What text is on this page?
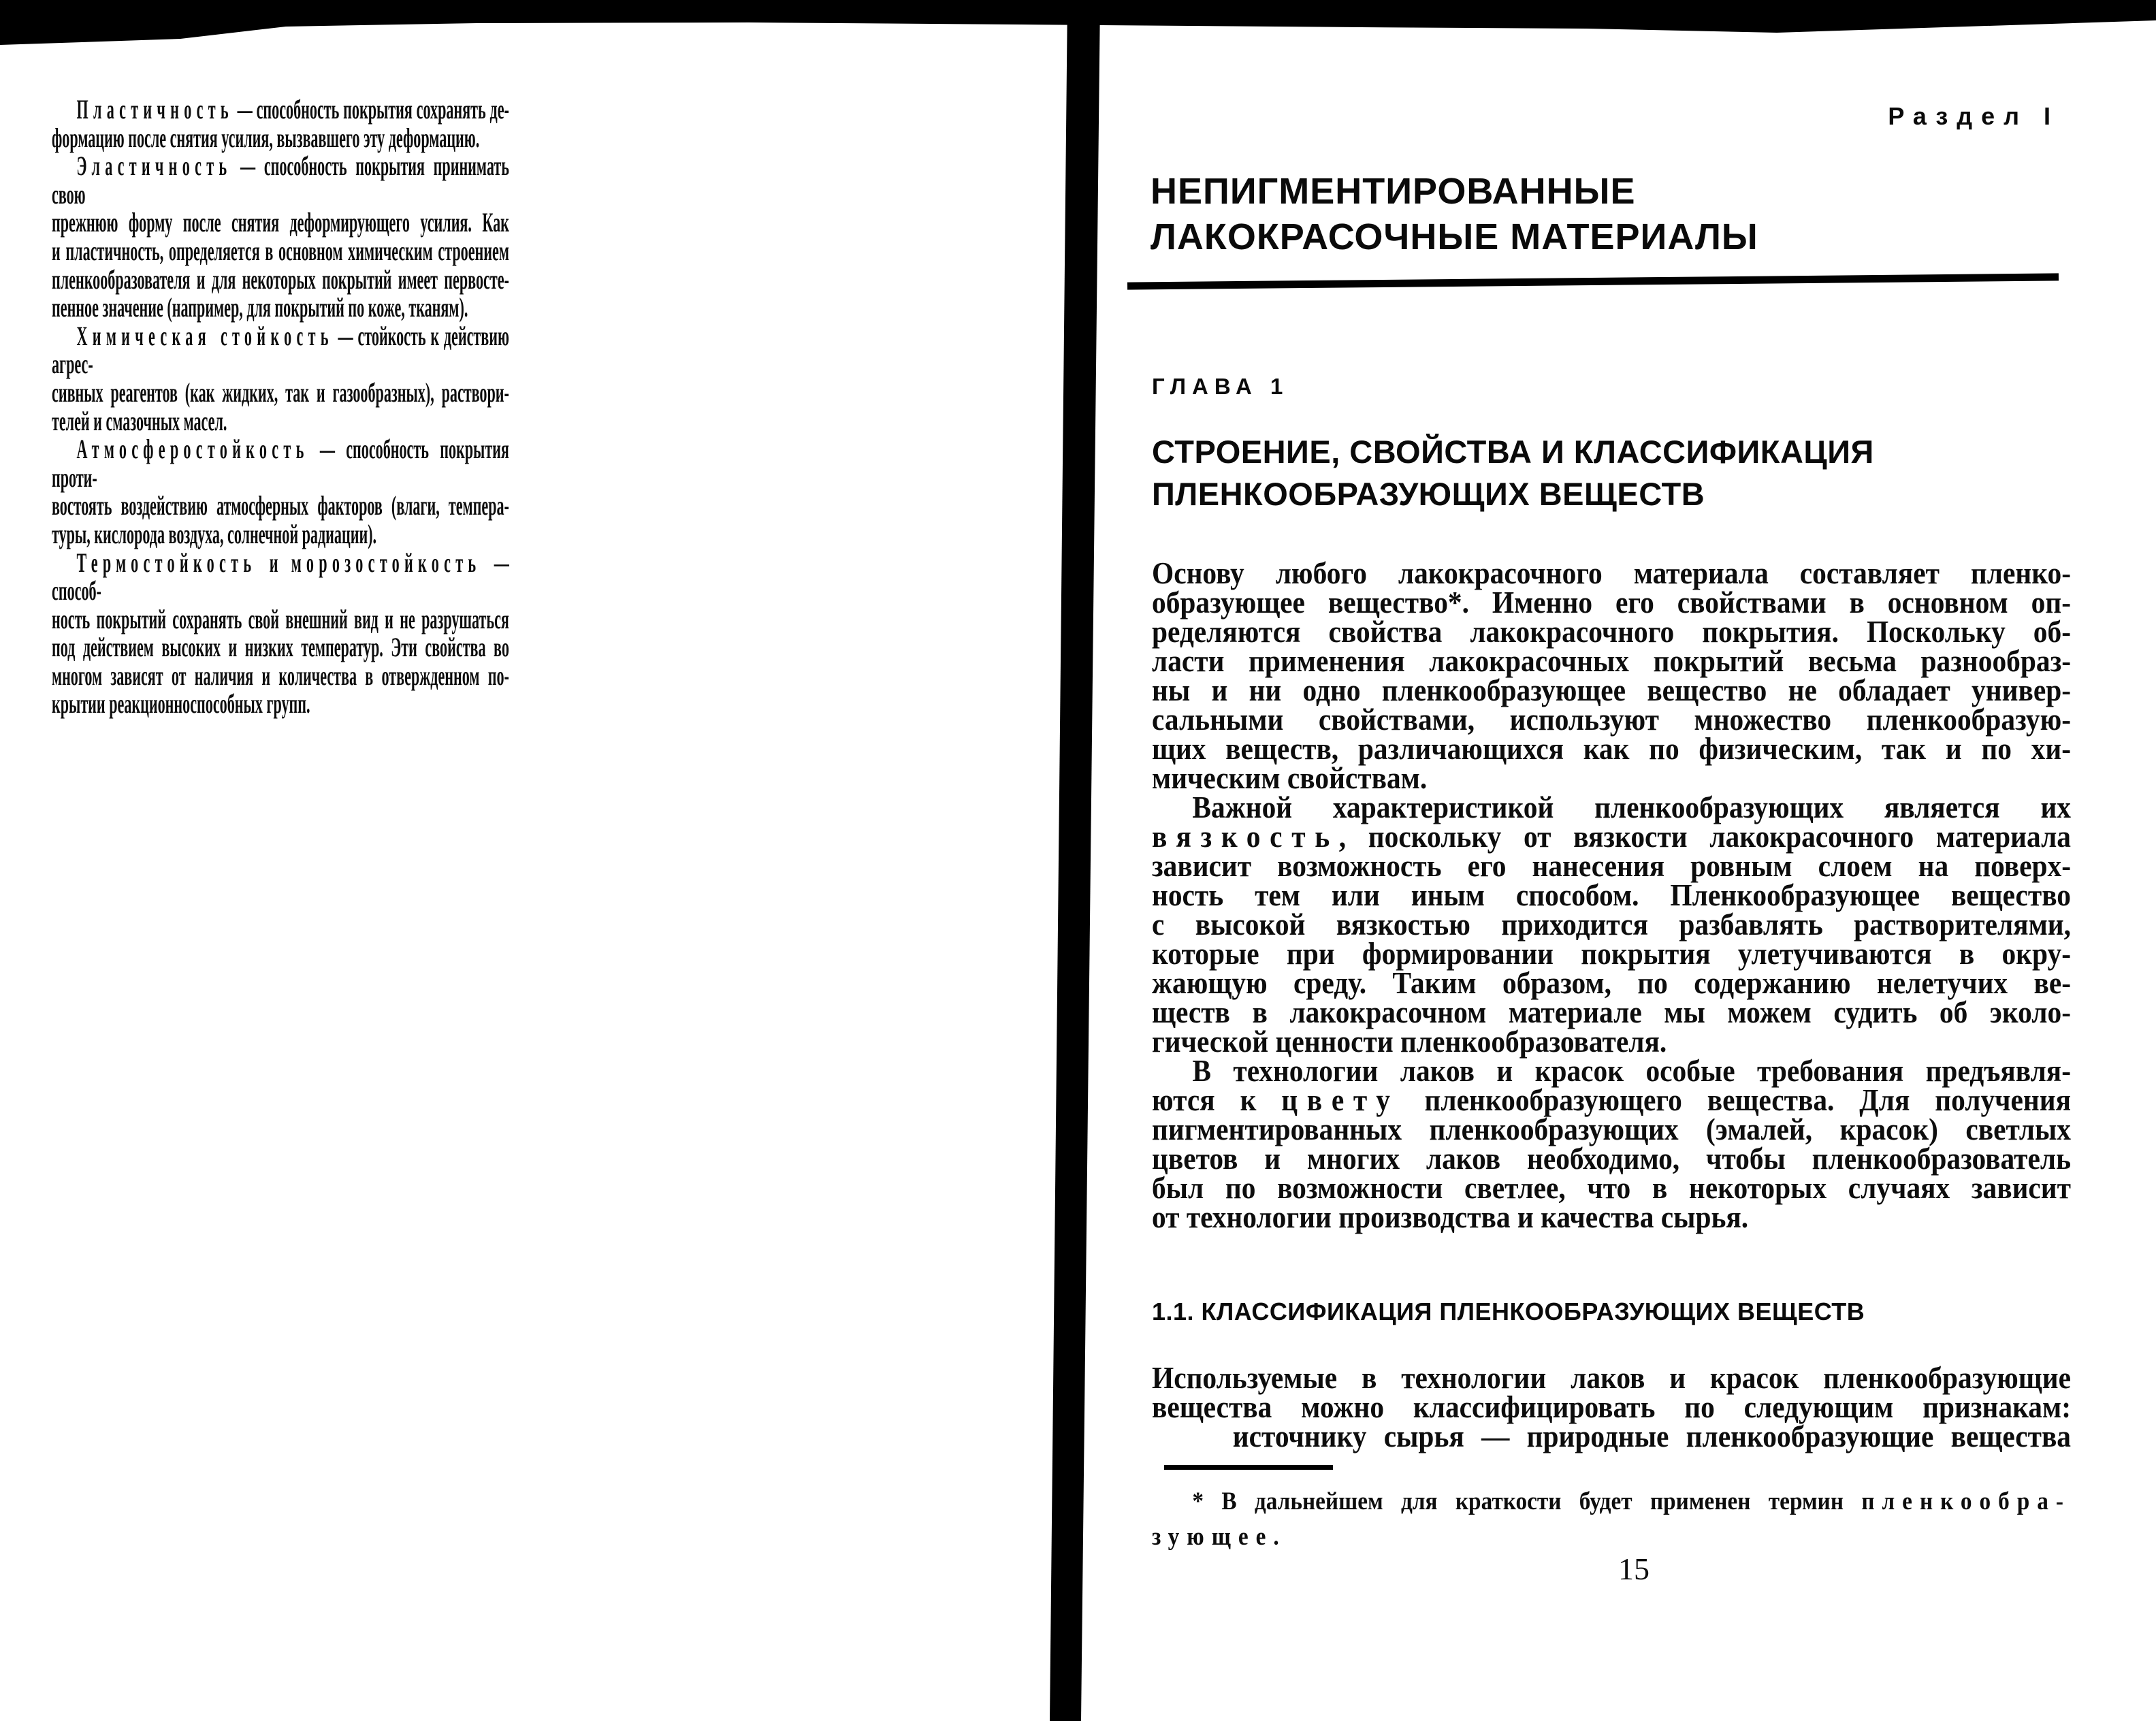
Пластичность — способность покрытия сохранять де-
формацию после снятия усилия, вызвавшего эту деформацию.
Эластичность — способность покрытия принимать свою
прежнюю форму после снятия деформирующего усилия. Как
и пластичность, определяется в основном химическим строением
пленкообразователя и для некоторых покрытий имеет первосте-
пенное значение (например, для покрытий по коже, тканям).
Химическая стойкость — стойкость к действию агрес-
сивных реагентов (как жидких, так и газообразных), раствори-
телей и смазочных масел.
Атмосферостойкость — способность покрытия проти-
востоять воздействию атмосферных факторов (влаги, темпера-
туры, кислорода воздуха, солнечной радиации).
Термостойкость и морозостойкость — способ-
ность покрытий сохранять свой внешний вид и не разрушаться
под действием высоких и низких температур. Эти свойства во
многом зависят от наличия и количества в отвержденном по-
крытии реакционноспособных групп.
Раздел I
НЕПИГМЕНТИРОВАННЫЕ
ЛАКОКРАСОЧНЫЕ МАТЕРИАЛЫ
ГЛАВА 1
СТРОЕНИЕ, СВОЙСТВА И КЛАССИФИКАЦИЯ
ПЛЕНКООБРАЗУЮЩИХ ВЕЩЕСТВ
Основу любого лакокрасочного материала составляет пленко-
образующее вещество*. Именно его свойствами в основном оп-
ределяются свойства лакокрасочного покрытия. Поскольку об-
ласти применения лакокрасочных покрытий весьма разнообраз-
ны и ни одно пленкообразующее вещество не обладает универ-
сальными свойствами, используют множество пленкообразую-
щих веществ, различающихся как по физическим, так и по хи-
мическим свойствам.
Важной характеристикой пленкообразующих является их
вязкость, поскольку от вязкости лакокрасочного материала
зависит возможность его нанесения ровным слоем на поверх-
ность тем или иным способом. Пленкообразующее вещество
с высокой вязкостью приходится разбавлять растворителями,
которые при формировании покрытия улетучиваются в окру-
жающую среду. Таким образом, по содержанию нелетучих ве-
ществ в лакокрасочном материале мы можем судить об эколо-
гической ценности пленкообразователя.
В технологии лаков и красок особые требования предъявля-
ются к цвету пленкообразующего вещества. Для получения
пигментированных пленкообразующих (эмалей, красок) светлых
цветов и многих лаков необходимо, чтобы пленкообразователь
был по возможности светлее, что в некоторых случаях зависит
от технологии производства и качества сырья.
1.1. КЛАССИФИКАЦИЯ ПЛЕНКООБРАЗУЮЩИХ ВЕЩЕСТВ
Используемые в технологии лаков и красок пленкообразующие
вещества можно классифицировать по следующим признакам:
источнику сырья — природные пленкообразующие вещества
* В дальнейшем для краткости будет применен термин пленкообра-
зующее.
15
